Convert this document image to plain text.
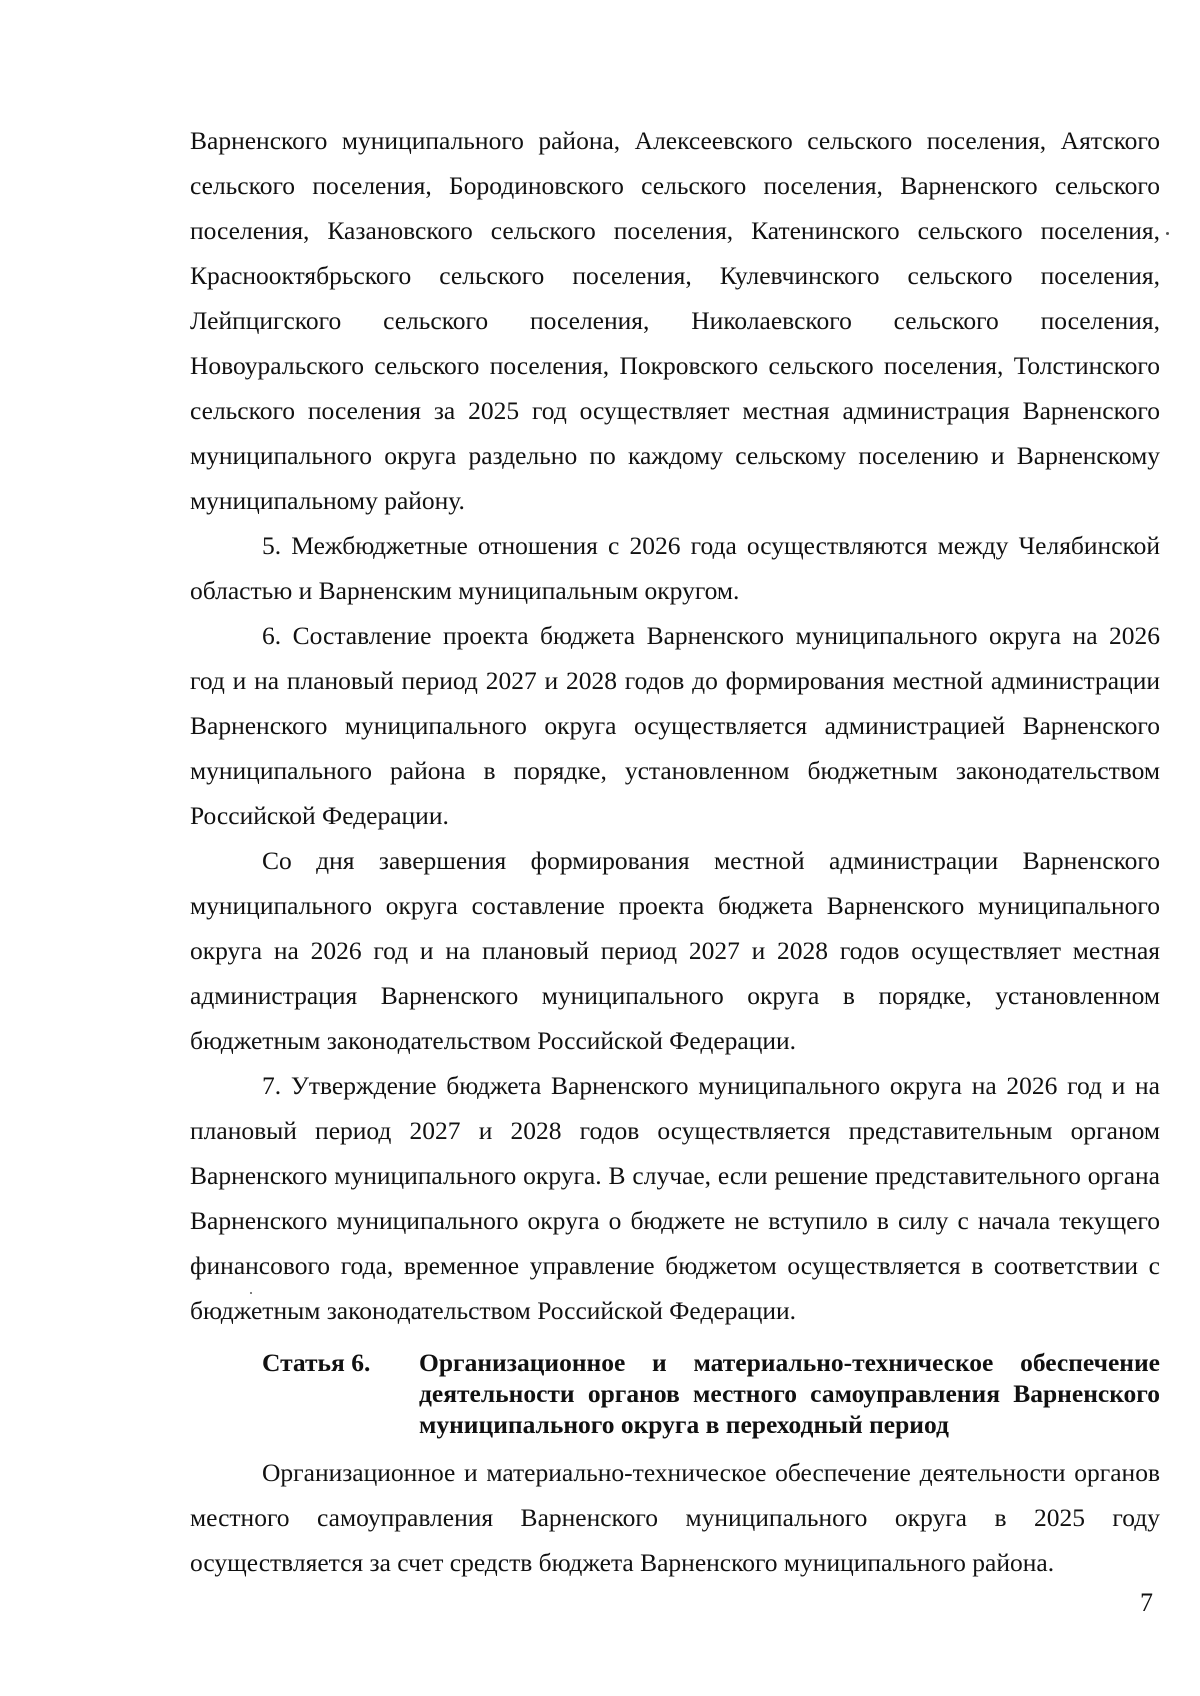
Варненского муниципального района, Алексеевского сельского поселения, Аятского сельского поселения, Бородиновского сельского поселения, Варненского сельского поселения, Казановского сельского поселения, Катенинского сельского поселения, Краснооктябрьского сельского поселения, Кулевчинского сельского поселения, Лейпцигского сельского поселения, Николаевского сельского поселения, Новоуральского сельского поселения, Покровского сельского поселения, Толстинского сельского поселения за 2025 год осуществляет местная администрация Варненского муниципального округа раздельно по каждому сельскому поселению и Варненскому муниципальному району.

5. Межбюджетные отношения с 2026 года осуществляются между Челябинской областью и Варненским муниципальным округом.

6. Составление проекта бюджета Варненского муниципального округа на 2026 год и на плановый период 2027 и 2028 годов до формирования местной администрации Варненского муниципального округа осуществляется администрацией Варненского муниципального района в порядке, установленном бюджетным законодательством Российской Федерации.

Со дня завершения формирования местной администрации Варненского муниципального округа составление проекта бюджета Варненского муниципального округа на 2026 год и на плановый период 2027 и 2028 годов осуществляет местная администрация Варненского муниципального округа в порядке, установленном бюджетным законодательством Российской Федерации.

7. Утверждение бюджета Варненского муниципального округа на 2026 год и на плановый период 2027 и 2028 годов осуществляется представительным органом Варненского муниципального округа. В случае, если решение представительного органа Варненского муниципального округа о бюджете не вступило в силу с начала текущего финансового года, временное управление бюджетом осуществляется в соответствии с бюджетным законодательством Российской Федерации.

Статья 6.	Организационное и материально-техническое обеспечение деятельности органов местного самоуправления Варненского муниципального округа в переходный период

Организационное и материально-техническое обеспечение деятельности органов местного самоуправления Варненского муниципального округа в 2025 году осуществляется за счет средств бюджета Варненского муниципального района.

7
